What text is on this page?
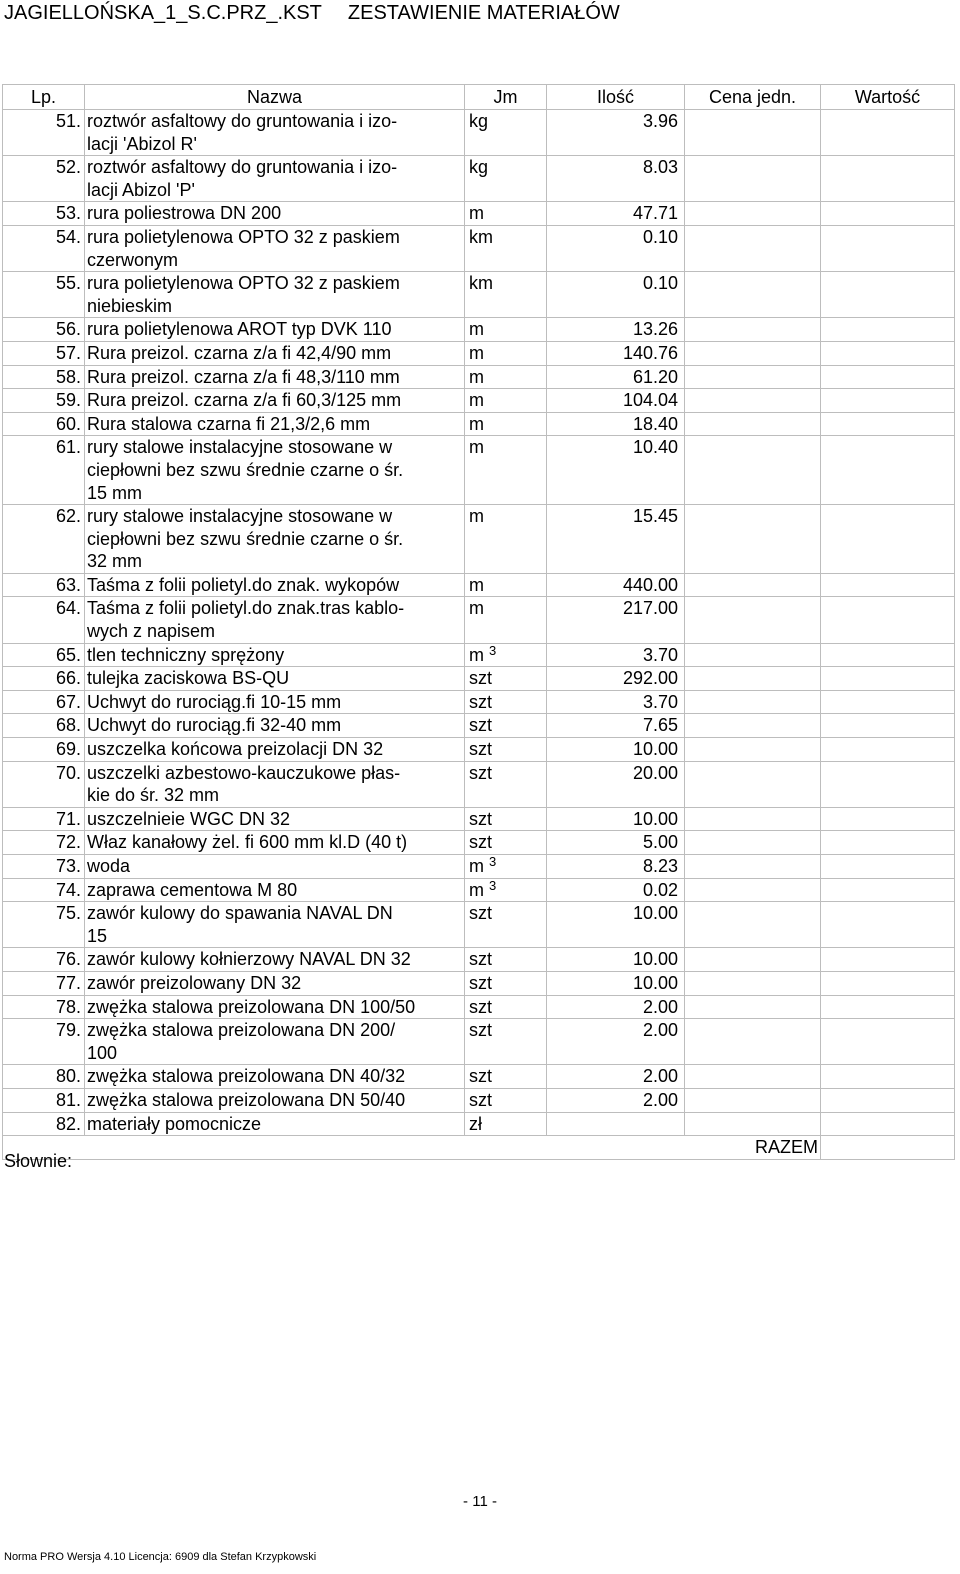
JAGIELLOŃSKA_1_S.C.PRZ_.KST ZESTAWIENIE MATERIAŁÓW
Lp.	Nazwa	Jm	Ilość	Cena jedn.	Wartość
51.	roztwór asfaltowy do gruntowania i izo-
lacji 'Abizol R'	kg	3.96		
52.	roztwór asfaltowy do gruntowania i izo-
lacji Abizol 'P'	kg	8.03		
53.	rura poliestrowa DN 200	m	47.71		
54.	rura polietylenowa OPTO 32 z paskiem
czerwonym	km	0.10		
55.	rura polietylenowa OPTO 32 z paskiem
niebieskim	km	0.10		
56.	rura polietylenowa AROT typ DVK 110	m	13.26		
57.	Rura preizol. czarna z/a fi 42,4/90 mm	m	140.76		
58.	Rura preizol. czarna z/a fi 48,3/110 mm	m	61.20		
59.	Rura preizol. czarna z/a fi 60,3/125 mm	m	104.04		
60.	Rura stalowa czarna fi 21,3/2,6 mm	m	18.40		
61.	rury stalowe instalacyjne stosowane w
ciepłowni bez szwu średnie czarne o śr.
15 mm	m	10.40		
62.	rury stalowe instalacyjne stosowane w
ciepłowni bez szwu średnie czarne o śr.
32 mm	m	15.45		
63.	Taśma z folii polietyl.do znak. wykopów	m	440.00		
64.	Taśma z folii polietyl.do znak.tras kablo-
wych z napisem	m	217.00		
65.	tlen techniczny sprężony	m $^3$	3.70		
66.	tulejka zaciskowa BS-QU	szt	292.00		
67.	Uchwyt do rurociąg.fi 10-15 mm	szt	3.70		
68.	Uchwyt do rurociąg.fi 32-40 mm	szt	7.65		
69.	uszczelka końcowa preizolacji DN 32	szt	10.00		
70.	uszczelki azbestowo-kauczukowe płas-
kie do śr. 32 mm	szt	20.00		
71.	uszczelnieie WGC DN 32	szt	10.00		
72.	Właz kanałowy żel. fi 600 mm kl.D (40 t)	szt	5.00		
73.	woda	m $^3$	8.23		
74.	zaprawa cementowa M 80	m $^3$	0.02		
75.	zawór kulowy do spawania NAVAL DN
15	szt	10.00		
76.	zawór kulowy kołnierzowy NAVAL DN 32	szt	10.00		
77.	zawór preizolowany DN 32	szt	10.00		
78.	zwężka stalowa preizolowana DN 100/50	szt	2.00		
79.	zwężka stalowa preizolowana DN 200/
100	szt	2.00		
80.	zwężka stalowa preizolowana DN 40/32	szt	2.00		
81.	zwężka stalowa preizolowana DN 50/40	szt	2.00		
82.	materiały pomocnicze	zł			
RAZEM					
Słownie:
- 11 -
Norma PRO Wersja 4.10 Licencja: 6909 dla Stefan Krzypkowski
